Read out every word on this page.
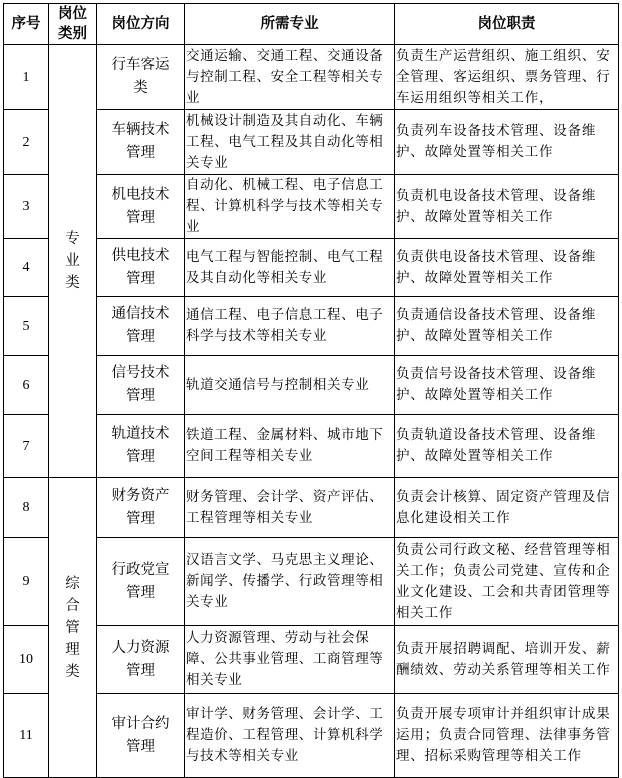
序号	岗位类别	岗位方向	所需专业	岗位职责
1	专业类	行车客运类	交通运输、交通工程、交通设备与控制工程、安全工程等相关专业	负责生产运营组织、施工组织、安全管理、客运组织、票务管理、行车运用组织等相关工作，
2		车辆技术管理	机械设计制造及其自动化、车辆工程、电气工程及其自动化等相关专业	负责列车设备技术管理、设备维护、故障处置等相关工作
3		机电技术管理	自动化、机械工程、电子信息工程、计算机科学与技术等相关专业	负责机电设备技术管理、设备维护、故障处置等相关工作
4		供电技术管理	电气工程与智能控制、电气工程及其自动化等相关专业	负责供电设备技术管理、设备维护、故障处置等相关工作
5		通信技术管理	通信工程、电子信息工程、电子科学与技术等相关专业	负责通信设备技术管理、设备维护、故障处置等相关工作
6		信号技术管理	轨道交通信号与控制相关专业	负责信号设备技术管理、设备维护、故障处置等相关工作
7		轨道技术管理	铁道工程、金属材料、城市地下空间工程等相关专业	负责轨道设备技术管理、设备维护、故障处置等相关工作
8	综合管理类	财务资产管理	财务管理、会计学、资产评估、工程管理等相关专业	负责会计核算、固定资产管理及信息化建设相关工作
9		行政党宣管理	汉语言文学、马克思主义理论、新闻学、传播学、行政管理等相关专业	负责公司行政文秘、经营管理等相关工作；负责公司党建、宣传和企业文化建设、工会和共青团管理等相关工作
10		人力资源管理	人力资源管理、劳动与社会保障、公共事业管理、工商管理等相关专业	负责开展招聘调配、培训开发、薪酬绩效、劳动关系管理等相关工作
11		审计合约管理	审计学、财务管理、会计学、工程造价、工程管理、计算机科学与技术等相关专业	负责开展专项审计并组织审计成果运用；负责合同管理、法律事务管理、招标采购管理等相关工作
